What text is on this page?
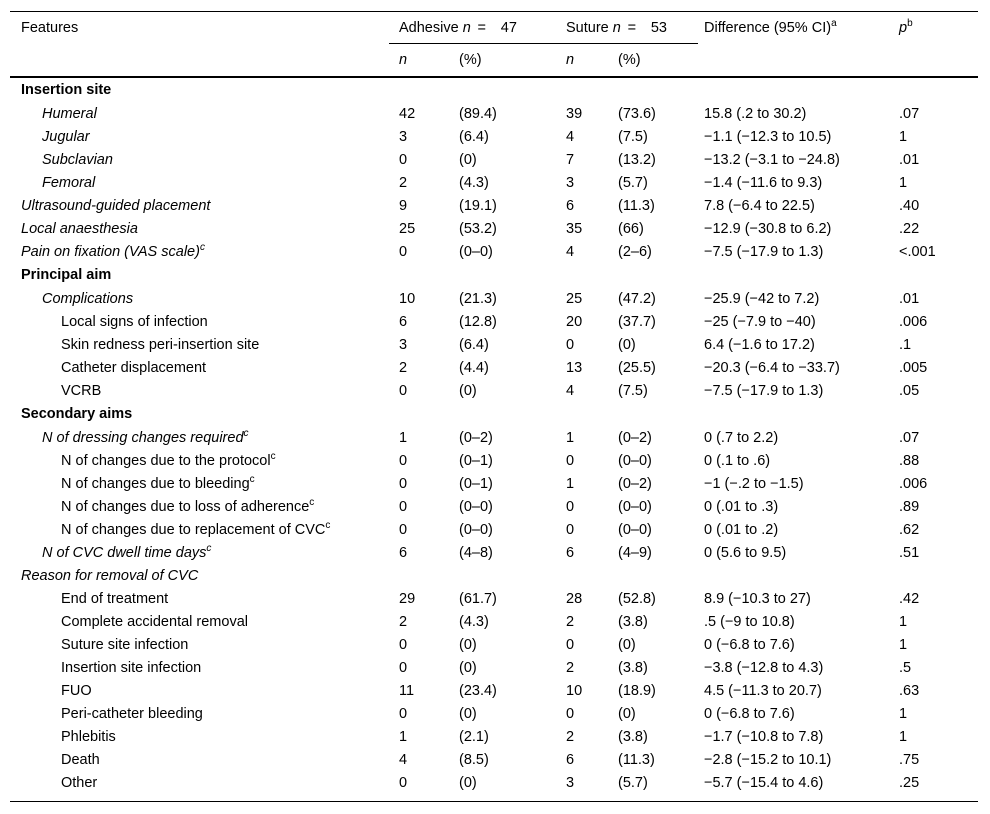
Features	Adhesive n = 47		Suture n = 53		Difference (95% CI)$^a$	$p^b$
	n	(%)	n	(%)		
Insertion site						
Humeral	42	(89.4)	39	(73.6)	15.8 (.2 to 30.2)	.07
Jugular	3	(6.4)	4	(7.5)	−1.1 (−12.3 to 10.5)	1
Subclavian	0	(0)	7	(13.2)	−13.2 (−3.1 to −24.8)	.01
Femoral	2	(4.3)	3	(5.7)	−1.4 (−11.6 to 9.3)	1
Ultrasound-guided placement	9	(19.1)	6	(11.3)	7.8 (−6.4 to 22.5)	.40
Local anaesthesia	25	(53.2)	35	(66)	−12.9 (−30.8 to 6.2)	.22
Pain on fixation (VAS scale)$^c$	0	(0–0)	4	(2–6)	−7.5 (−17.9 to 1.3)	<.001
Principal aim						
Complications	10	(21.3)	25	(47.2)	−25.9 (−42 to 7.2)	.01
Local signs of infection	6	(12.8)	20	(37.7)	−25 (−7.9 to −40)	.006
Skin redness peri-insertion site	3	(6.4)	0	(0)	6.4 (−1.6 to 17.2)	.1
Catheter displacement	2	(4.4)	13	(25.5)	−20.3 (−6.4 to −33.7)	.005
VCRB	0	(0)	4	(7.5)	−7.5 (−17.9 to 1.3)	.05
Secondary aims						
N of dressing changes required$^c$	1	(0–2)	1	(0–2)	0 (.7 to 2.2)	.07
N of changes due to the protocol$^c$	0	(0–1)	0	(0–0)	0 (.1 to .6)	.88
N of changes due to bleeding$^c$	0	(0–1)	1	(0–2)	−1 (−.2 to −1.5)	.006
N of changes due to loss of adherence$^c$	0	(0–0)	0	(0–0)	0 (.01 to .3)	.89
N of changes due to replacement of CVC$^c$	0	(0–0)	0	(0–0)	0 (.01 to .2)	.62
N of CVC dwell time days$^c$	6	(4–8)	6	(4–9)	0 (5.6 to 9.5)	.51
Reason for removal of CVC						
End of treatment	29	(61.7)	28	(52.8)	8.9 (−10.3 to 27)	.42
Complete accidental removal	2	(4.3)	2	(3.8)	.5 (−9 to 10.8)	1
Suture site infection	0	(0)	0	(0)	0 (−6.8 to 7.6)	1
Insertion site infection	0	(0)	2	(3.8)	−3.8 (−12.8 to 4.3)	.5
FUO	11	(23.4)	10	(18.9)	4.5 (−11.3 to 20.7)	.63
Peri-catheter bleeding	0	(0)	0	(0)	0 (−6.8 to 7.6)	1
Phlebitis	1	(2.1)	2	(3.8)	−1.7 (−10.8 to 7.8)	1
Death	4	(8.5)	6	(11.3)	−2.8 (−15.2 to 10.1)	.75
Other	0	(0)	3	(5.7)	−5.7 (−15.4 to 4.6)	.25
